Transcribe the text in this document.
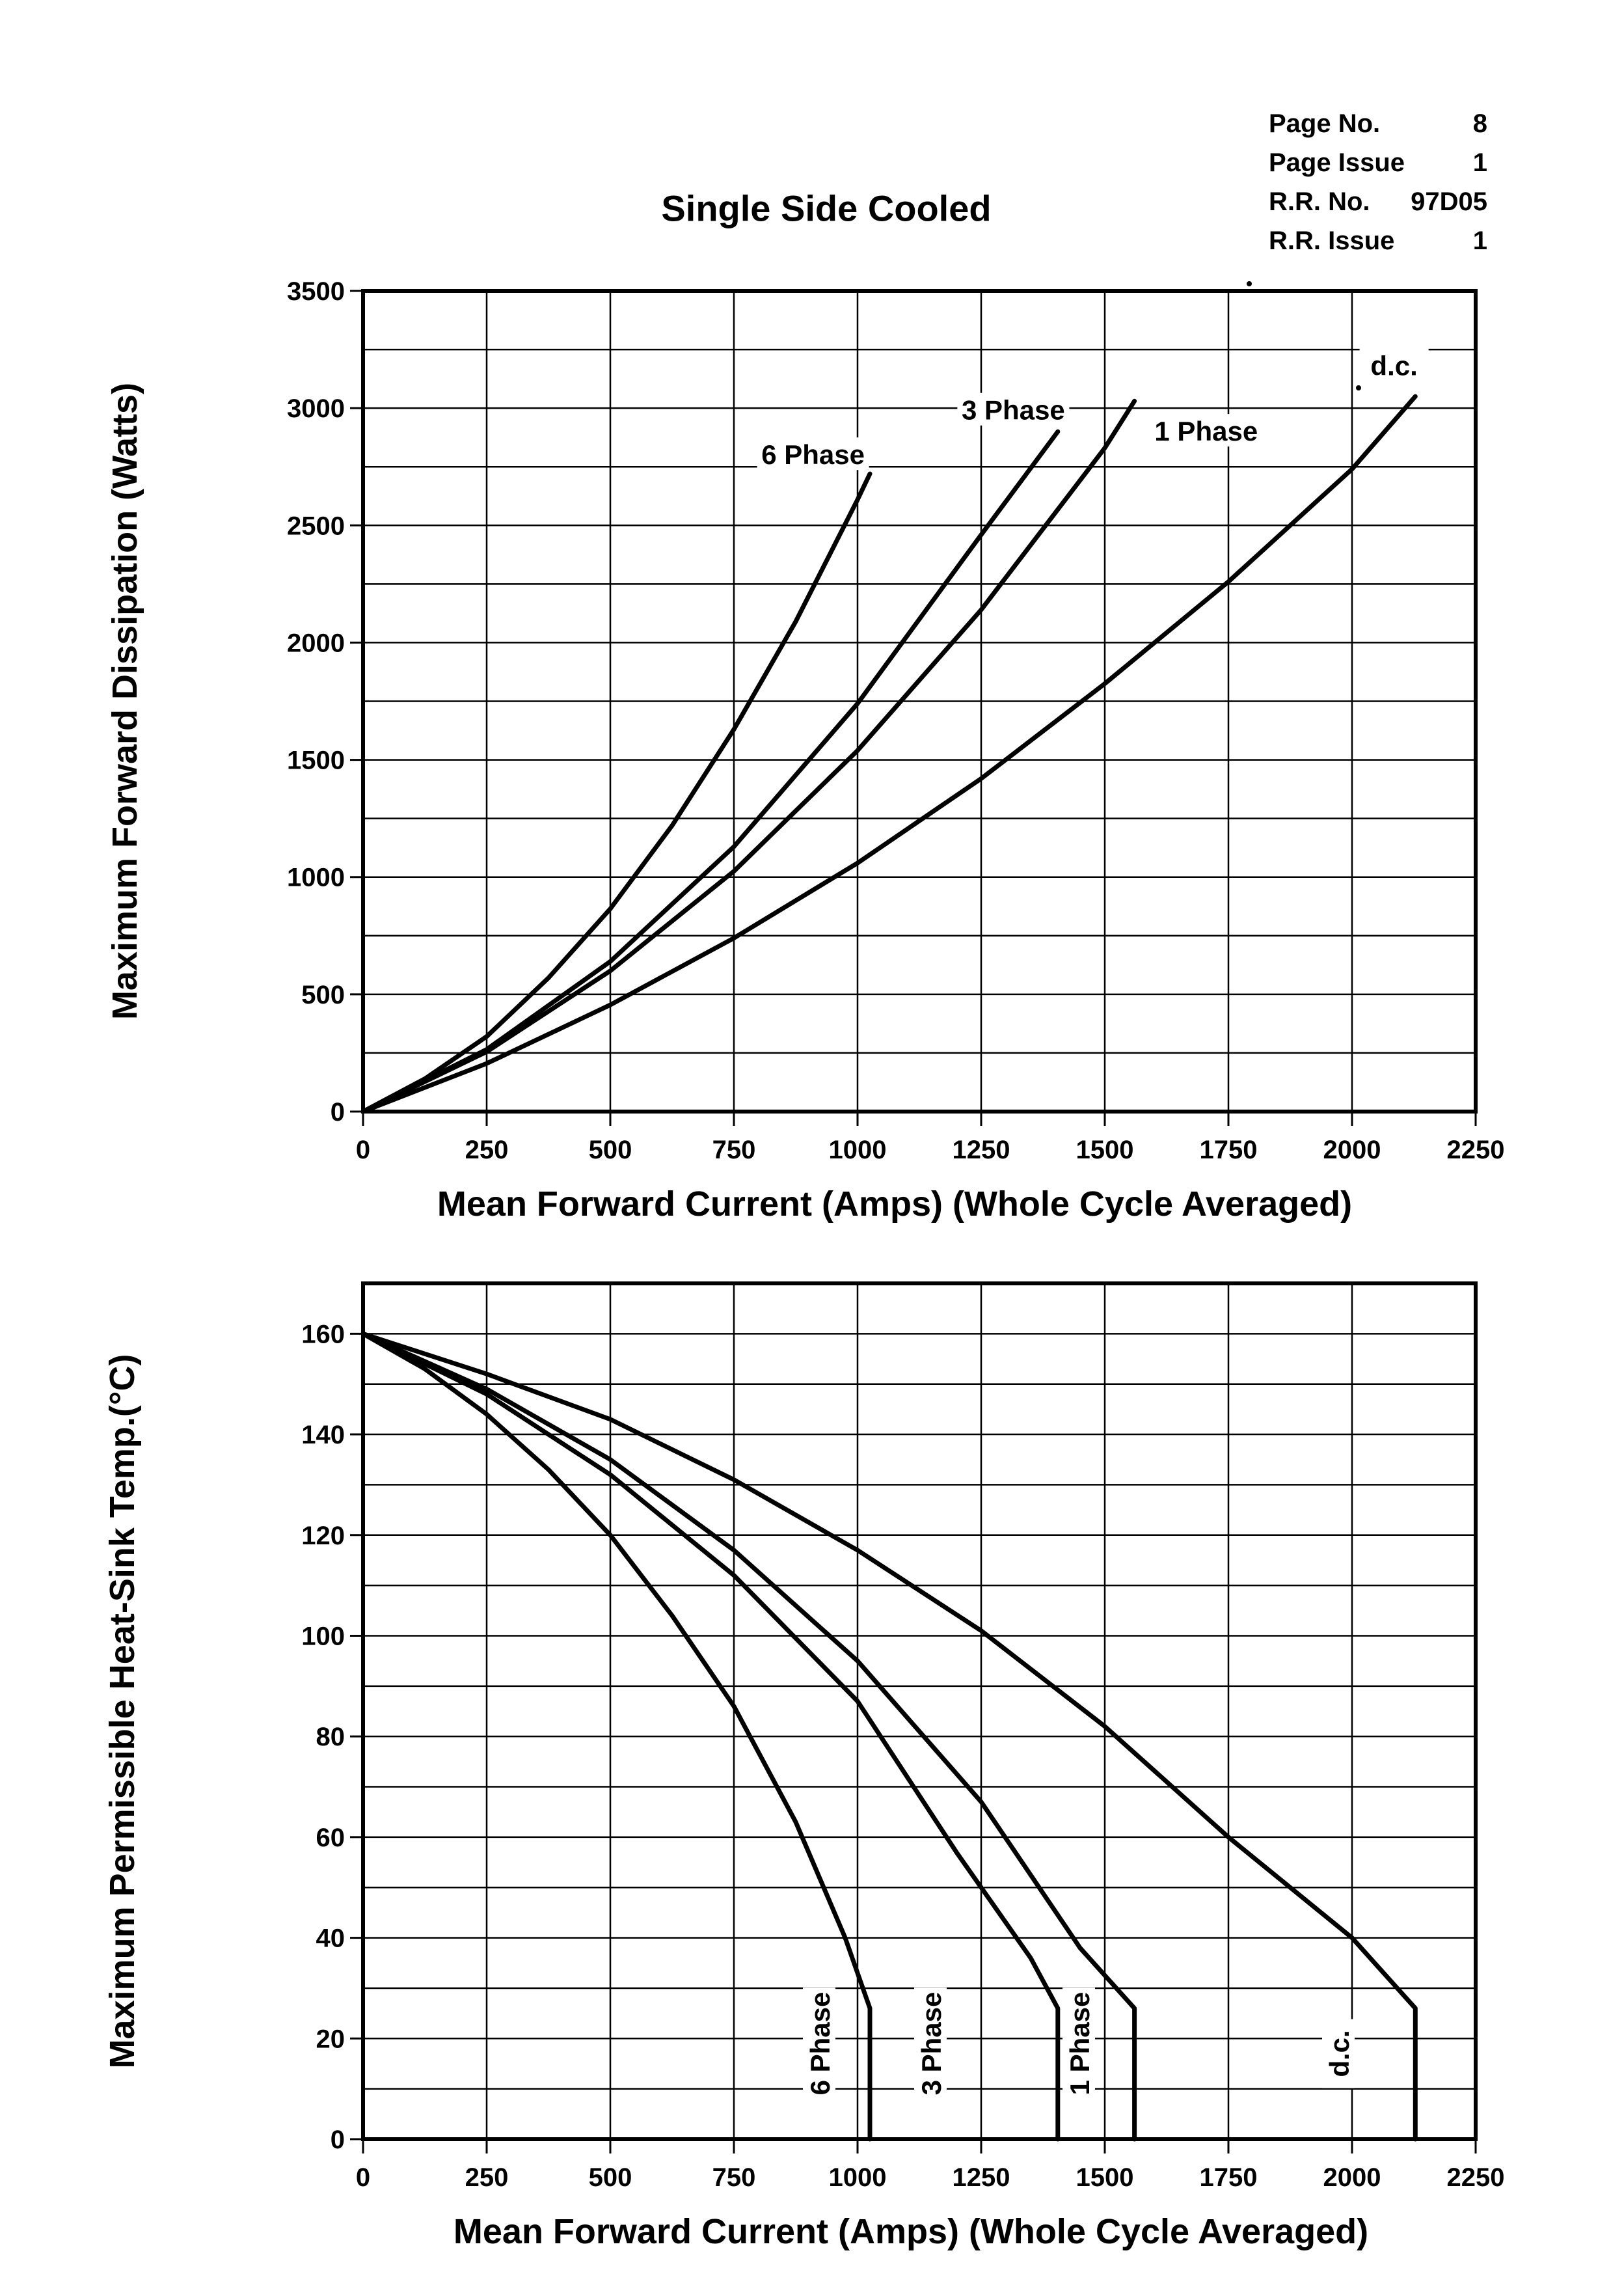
Page No.	8
Page Issue	1
R.R. No. 97D05
R.R. Issue	1
Single Side Cooled
0	250	500	750	1000	1250	1500	1750	2000	2250
0
500
1000
1500
2000
2500
3000
3500
6 Phase
3 Phase
1 Phase
d.c.
Mean Forward Current (Amps) (Whole Cycle Averaged)
Maximum Forward Dissipation (Watts)
0	250	500	750	1000	1250	1500	1750	2000	2250
0
20
40
60
80
100
120
140
160
6 Phase	3 Phase	1 Phase	d.c.
Mean Forward Current (Amps) (Whole Cycle Averaged)
Maximum Permissible Heat-Sink Temp.(°C)
